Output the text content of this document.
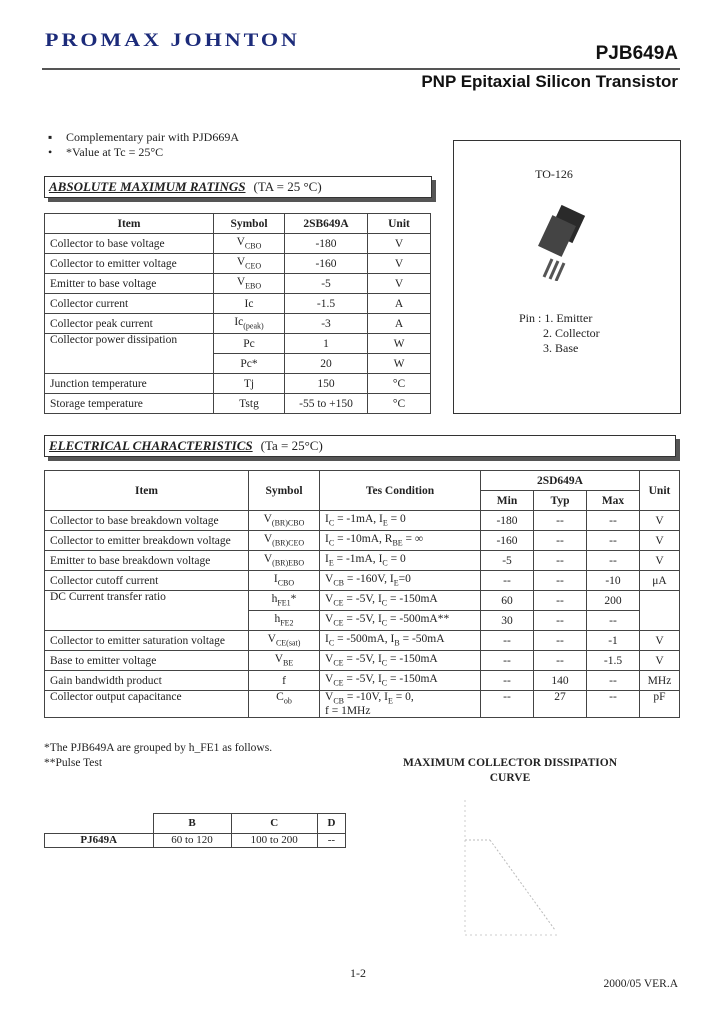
PROMAX JOHNTON
PJB649A
PNP Epitaxial Silicon Transistor
▪ Complementary pair with PJD669A
• *Value at Tc = 25°C
ABSOLUTE MAXIMUM RATINGS (TA = 25 °C)
Item	Symbol	2SB649A	Unit
Collector to base voltage	$V_{CBO}$	-180	V
Collector to emitter voltage	$V_{CEO}$	-160	V
Emitter to base voltage	$V_{EBO}$	-5	V
Collector current	Ic	-1.5	A
Collector peak current	$Ic_{(peak)}$	-3	A
Collector power dissipation	Pc	1	W
	Pc*	20	W
Junction temperature	Tj	150	°C
Storage temperature	Tstg	-55 to +150	°C
TO-126
Pin : 1. Emitter
2. Collector
3. Base
ELECTRICAL CHARACTERISTICS (Ta = 25°C)
Item	Symbol	Tes Condition	2SD649A			Unit
			Min	Typ	Max	
Collector to base breakdown voltage	$V_{(BR)CBO}$	$I_C = -1mA$, $I_E = 0$	-180	--	--	V
Collector to emitter breakdown voltage	$V_{(BR)CEO}$	$I_C = -10mA$, $R_{BE}$ = ∞	-160	--	--	V
Emitter to base breakdown voltage	$V_{(BR)EBO}$	$I_E = -1mA$, $I_C = 0$	-5	--	--	V
Collector cutoff current	$I_{CBO}$	$V_{CB} = -160V$, $I_E=0$	--	--	-10	μA
DC Current transfer ratio	$h_{FE1}*$	$V_{CE} = -5V$, $I_C = -150mA$	60	--	200	
	$h_{FE2}$	$V_{CE} = -5V$, $I_C = -500mA**$	30	--	--	
Collector to emitter saturation voltage	$V_{CE(sat)}$	$I_C = -500mA$, $I_B = -50mA$	--	--	-1	V
Base to emitter voltage	$V_{BE}$	$V_{CE} = -5V$, $I_C = -150mA$	--	--	-1.5	V
Gain bandwidth product	f	$V_{CE} = -5V$, $I_C = -150mA$	--	140	--	MHz
Collector output capacitance	$C_{ob}$	$V_{CB} = -10V$, $I_E = 0$,
f = 1MHz	--	27	--	pF
*The PJB649A are grouped by h_FE1 as follows.
**Pulse Test
	B	C	D
PJ649A	60 to 120	100 to 200	--
MAXIMUM COLLECTOR DISSIPATION
CURVE
1-2
2000/05 VER.A
